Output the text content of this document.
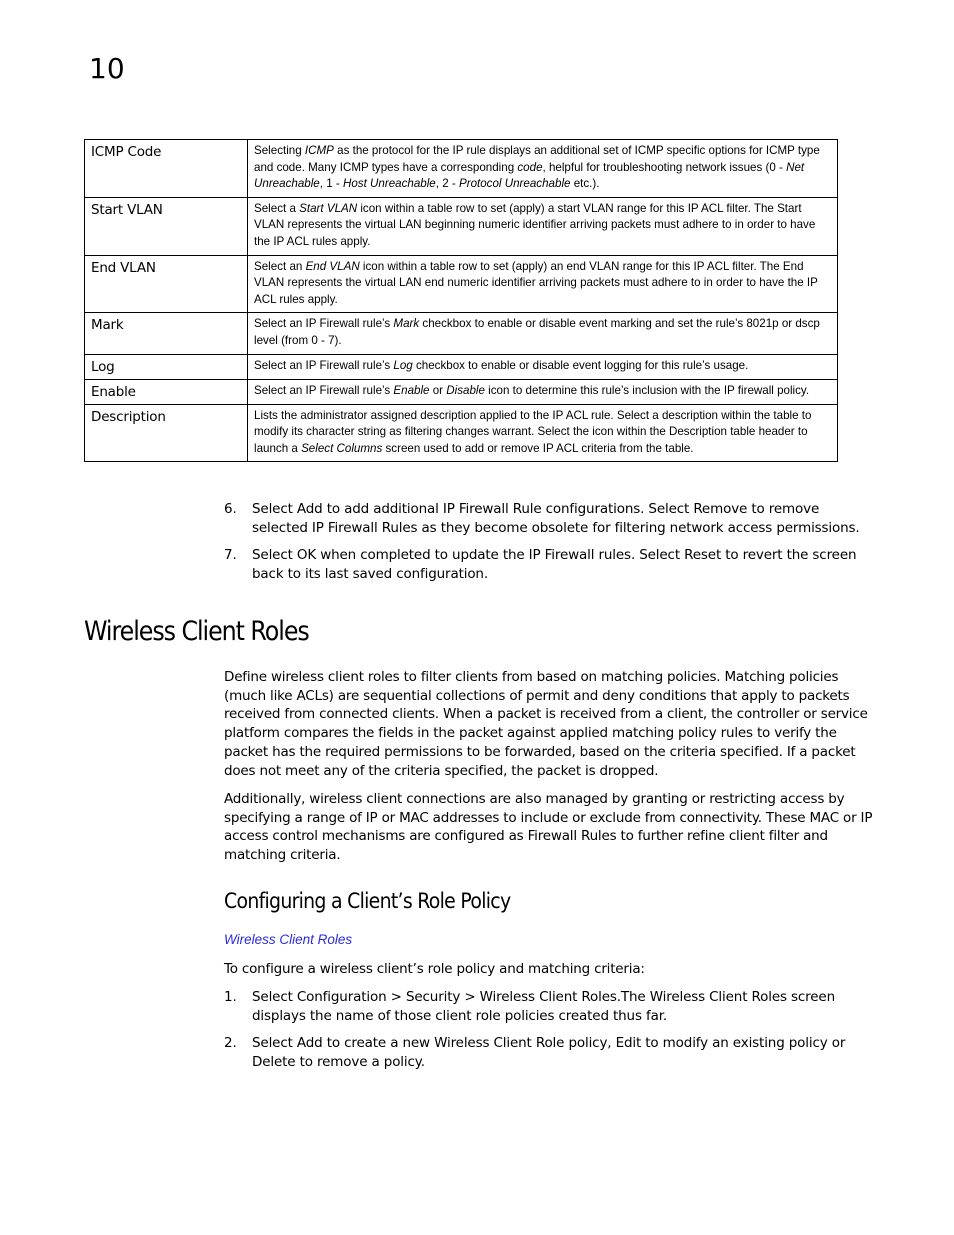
10
ICMP Code	Selecting ICMP as the protocol for the IP rule displays an additional set of ICMP specific options for ICMP type and code. Many ICMP types have a corresponding code, helpful for troubleshooting network issues (0 - Net Unreachable, 1 - Host Unreachable, 2 - Protocol Unreachable etc.).
Start VLAN	Select a Start VLAN icon within a table row to set (apply) a start VLAN range for this IP ACL filter. The Start VLAN represents the virtual LAN beginning numeric identifier arriving packets must adhere to in order to have the IP ACL rules apply.
End VLAN	Select an End VLAN icon within a table row to set (apply) an end VLAN range for this IP ACL filter. The End VLAN represents the virtual LAN end numeric identifier arriving packets must adhere to in order to have the IP ACL rules apply.
Mark	Select an IP Firewall rule’s Mark checkbox to enable or disable event marking and set the rule’s 8021p or dscp level (from 0 - 7).
Log	Select an IP Firewall rule’s Log checkbox to enable or disable event logging for this rule’s usage.
Enable	Select an IP Firewall rule’s Enable or Disable icon to determine this rule’s inclusion with the IP firewall policy.
Description	Lists the administrator assigned description applied to the IP ACL rule. Select a description within the table to modify its character string as filtering changes warrant. Select the icon within the Description table header to launch a Select Columns screen used to add or remove IP ACL criteria from the table.
6.	Select Add to add additional IP Firewall Rule configurations. Select Remove to remove selected IP Firewall Rules as they become obsolete for filtering network access permissions.
7.	Select OK when completed to update the IP Firewall rules. Select Reset to revert the screen back to its last saved configuration.
Wireless Client Roles
Define wireless client roles to filter clients from based on matching policies. Matching policies (much like ACLs) are sequential collections of permit and deny conditions that apply to packets received from connected clients. When a packet is received from a client, the controller or service platform compares the fields in the packet against applied matching policy rules to verify the packet has the required permissions to be forwarded, based on the criteria specified. If a packet does not meet any of the criteria specified, the packet is dropped.
Additionally, wireless client connections are also managed by granting or restricting access by specifying a range of IP or MAC addresses to include or exclude from connectivity. These MAC or IP access control mechanisms are configured as Firewall Rules to further refine client filter and matching criteria.
Configuring a Client’s Role Policy
Wireless Client Roles
To configure a wireless client’s role policy and matching criteria:
1.	Select Configuration > Security > Wireless Client Roles.The Wireless Client Roles screen displays the name of those client role policies created thus far.
2.	Select Add to create a new Wireless Client Role policy, Edit to modify an existing policy or Delete to remove a policy.
